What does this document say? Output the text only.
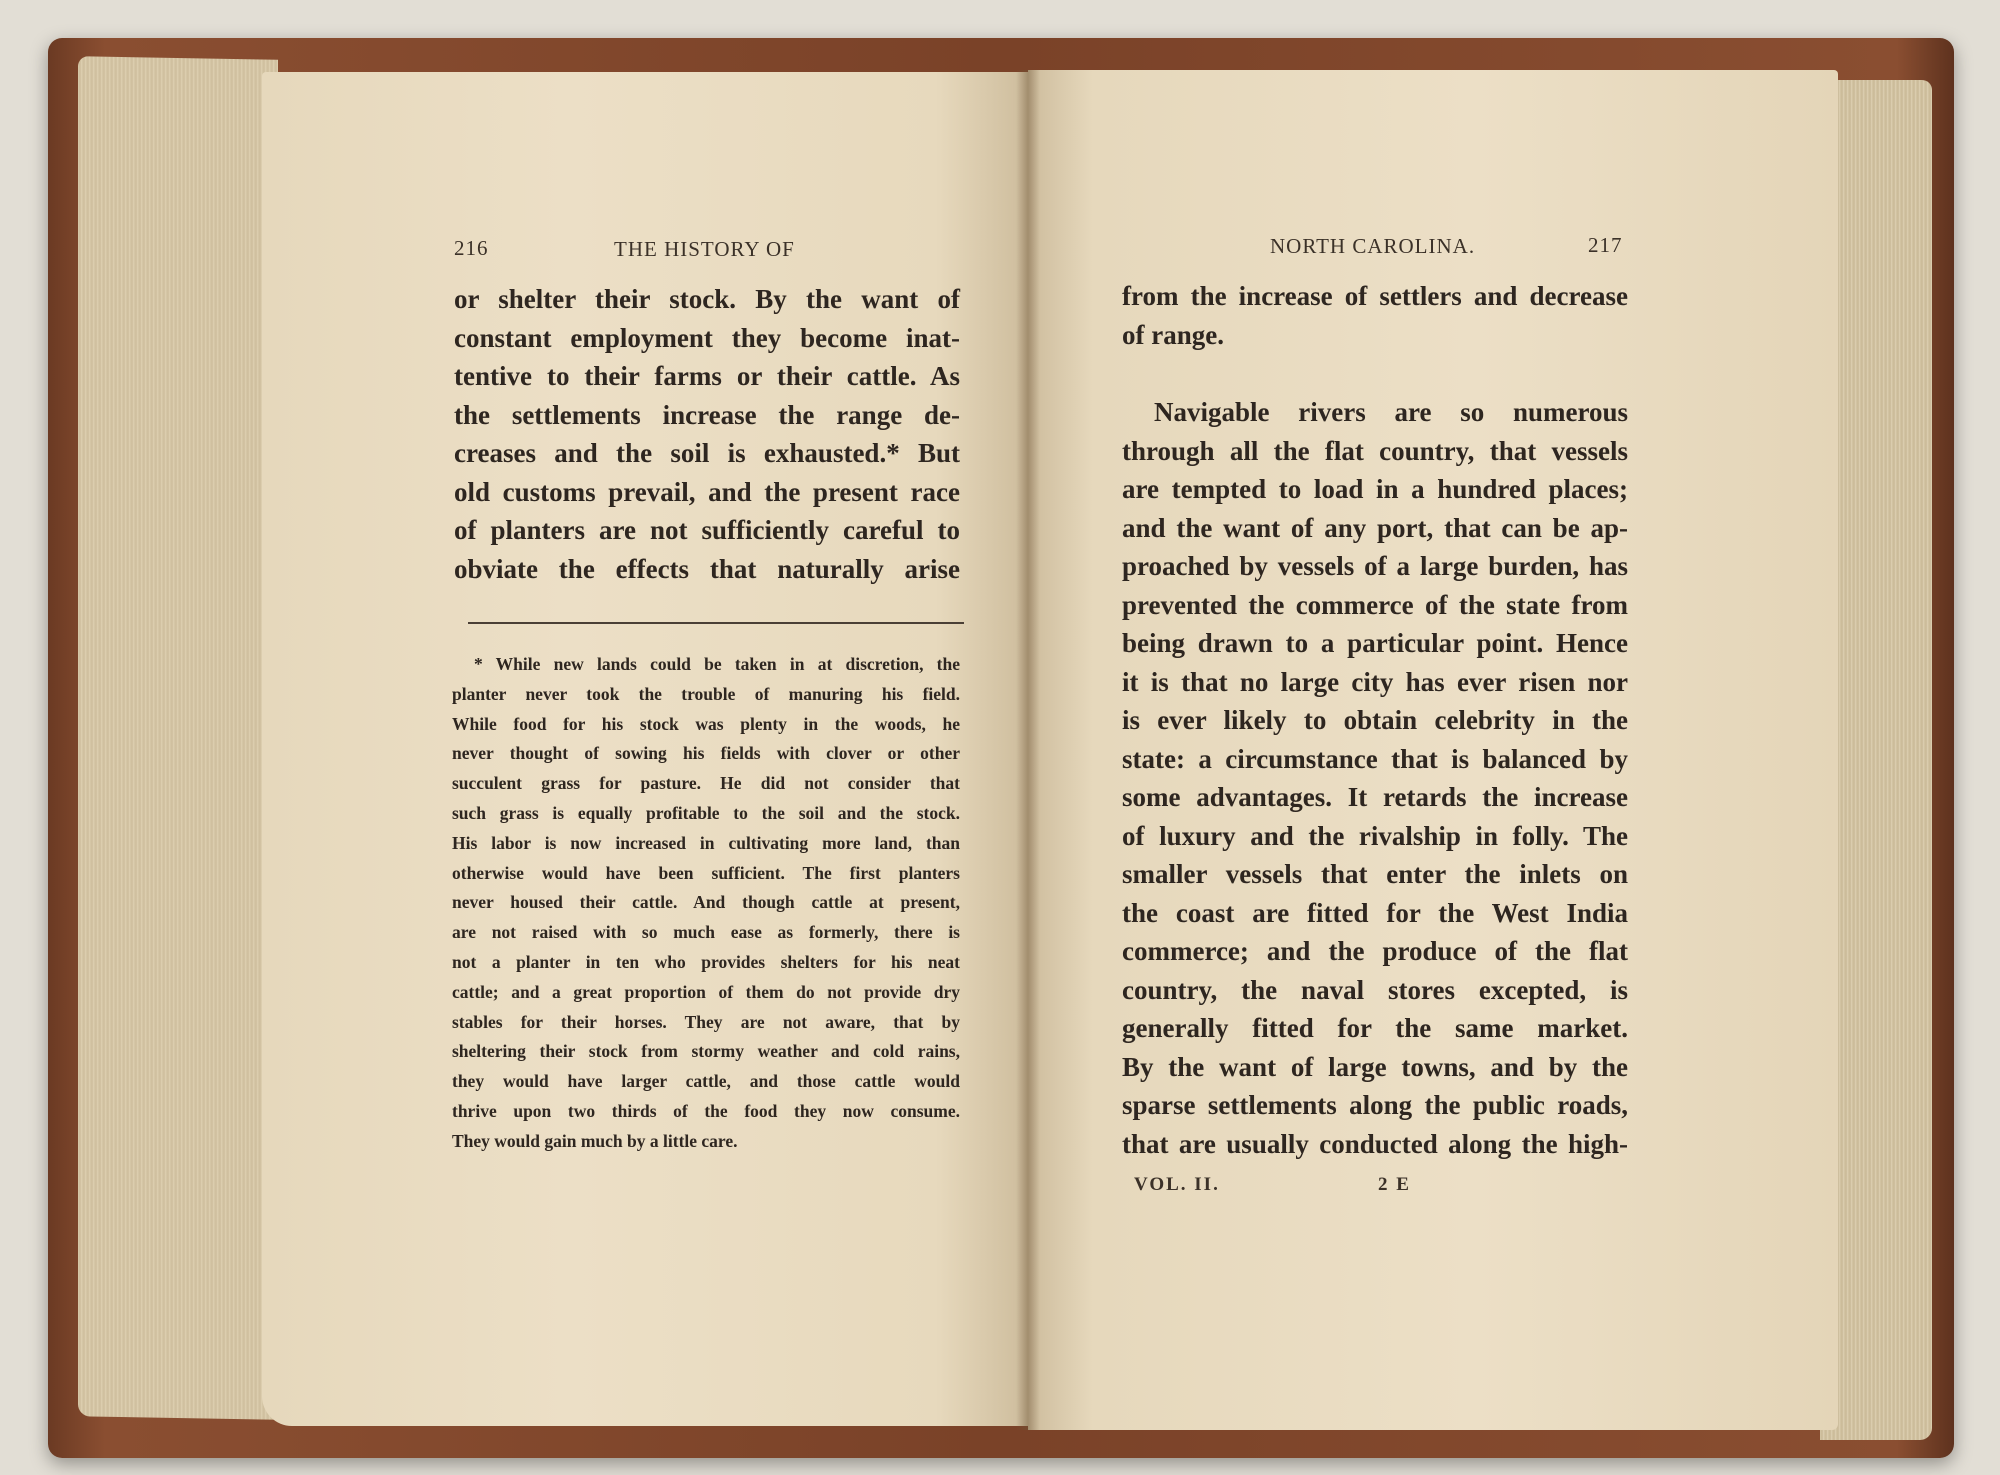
216	THE HISTORY OF
or shelter their stock. By the want of
constant employment they become inat-
tentive to their farms or their cattle. As
the settlements increase the range de-
creases and the soil is exhausted.* But
old customs prevail, and the present race
of planters are not sufficiently careful to
obviate the effects that naturally arise
* While new lands could be taken in at discretion, the
planter never took the trouble of manuring his field.
While food for his stock was plenty in the woods, he
never thought of sowing his fields with clover or other
succulent grass for pasture. He did not consider that
such grass is equally profitable to the soil and the stock.
His labor is now increased in cultivating more land, than
otherwise would have been sufficient. The first planters
never housed their cattle. And though cattle at present,
are not raised with so much ease as formerly, there is
not a planter in ten who provides shelters for his neat
cattle; and a great proportion of them do not provide dry
stables for their horses. They are not aware, that by
sheltering their stock from stormy weather and cold rains,
they would have larger cattle, and those cattle would
thrive upon two thirds of the food they now consume.
They would gain much by a little care.
NORTH CAROLINA.	217
from the increase of settlers and decrease
of range.
Navigable rivers are so numerous
through all the flat country, that vessels
are tempted to load in a hundred places;
and the want of any port, that can be ap-
proached by vessels of a large burden, has
prevented the commerce of the state from
being drawn to a particular point. Hence
it is that no large city has ever risen nor
is ever likely to obtain celebrity in the
state: a circumstance that is balanced by
some advantages. It retards the increase
of luxury and the rivalship in folly. The
smaller vessels that enter the inlets on
the coast are fitted for the West India
commerce; and the produce of the flat
country, the naval stores excepted, is
generally fitted for the same market.
By the want of large towns, and by the
sparse settlements along the public roads,
that are usually conducted along the high-
VOL. II.	2 E
